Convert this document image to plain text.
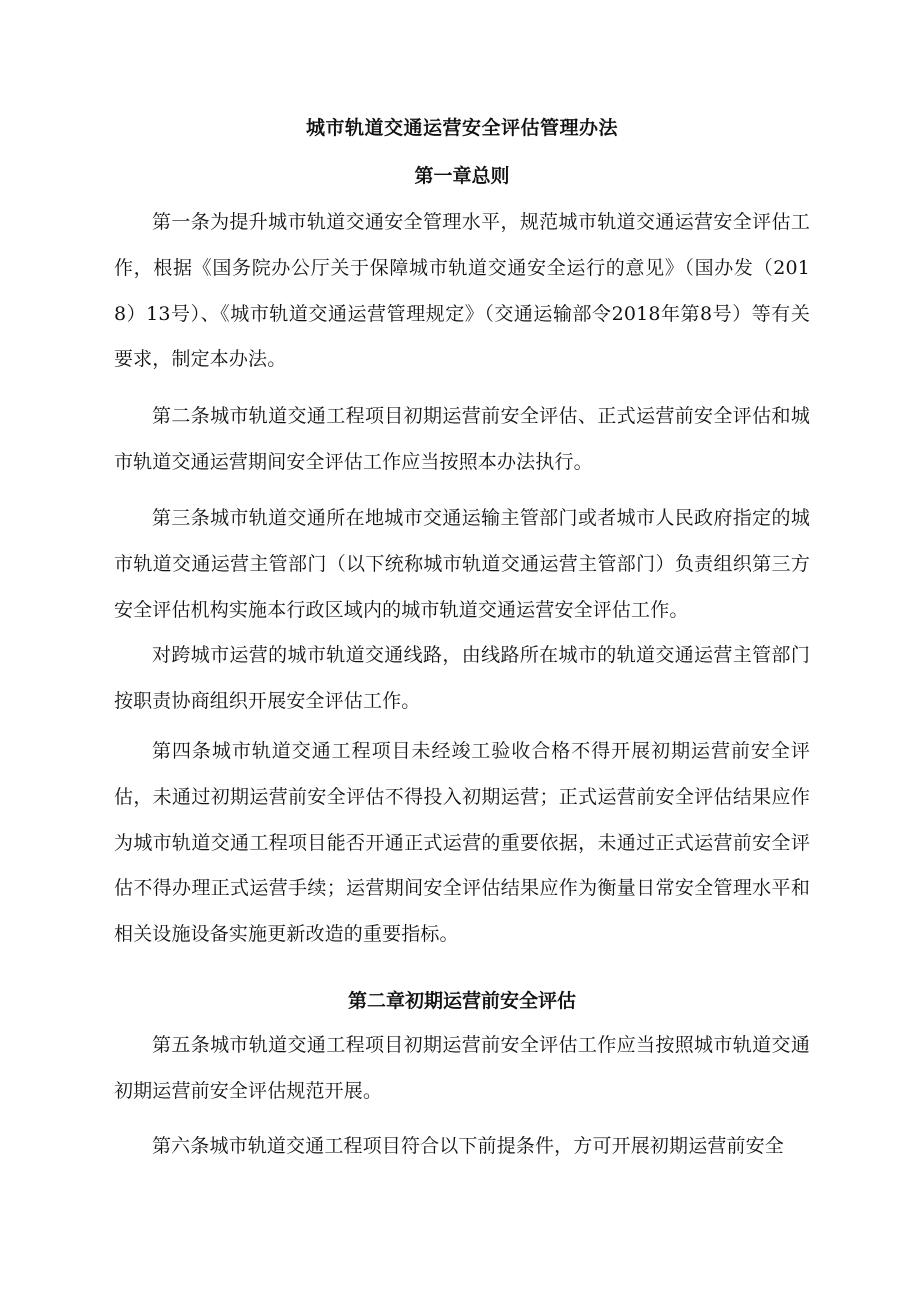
城市轨道交通运营安全评估管理办法
第一章总则

第一条为提升城市轨道交通安全管理水平，规范城市轨道交通运营安全评估工作，根据《国务院办公厅关于保障城市轨道交通安全运行的意见》（国办发（2018）13号）、《城市轨道交通运营管理规定》（交通运输部令2018年第8号）等有关要求，制定本办法。

第二条城市轨道交通工程项目初期运营前安全评估、正式运营前安全评估和城市轨道交通运营期间安全评估工作应当按照本办法执行。

第三条城市轨道交通所在地城市交通运输主管部门或者城市人民政府指定的城市轨道交通运营主管部门（以下统称城市轨道交通运营主管部门）负责组织第三方安全评估机构实施本行政区域内的城市轨道交通运营安全评估工作。

对跨城市运营的城市轨道交通线路，由线路所在城市的轨道交通运营主管部门按职责协商组织开展安全评估工作。

第四条城市轨道交通工程项目未经竣工验收合格不得开展初期运营前安全评估，未通过初期运营前安全评估不得投入初期运营；正式运营前安全评估结果应作为城市轨道交通工程项目能否开通正式运营的重要依据，未通过正式运营前安全评估不得办理正式运营手续；运营期间安全评估结果应作为衡量日常安全管理水平和相关设施设备实施更新改造的重要指标。

第二章初期运营前安全评估

第五条城市轨道交通工程项目初期运营前安全评估工作应当按照城市轨道交通初期运营前安全评估规范开展。

第六条城市轨道交通工程项目符合以下前提条件，方可开展初期运营前安全
